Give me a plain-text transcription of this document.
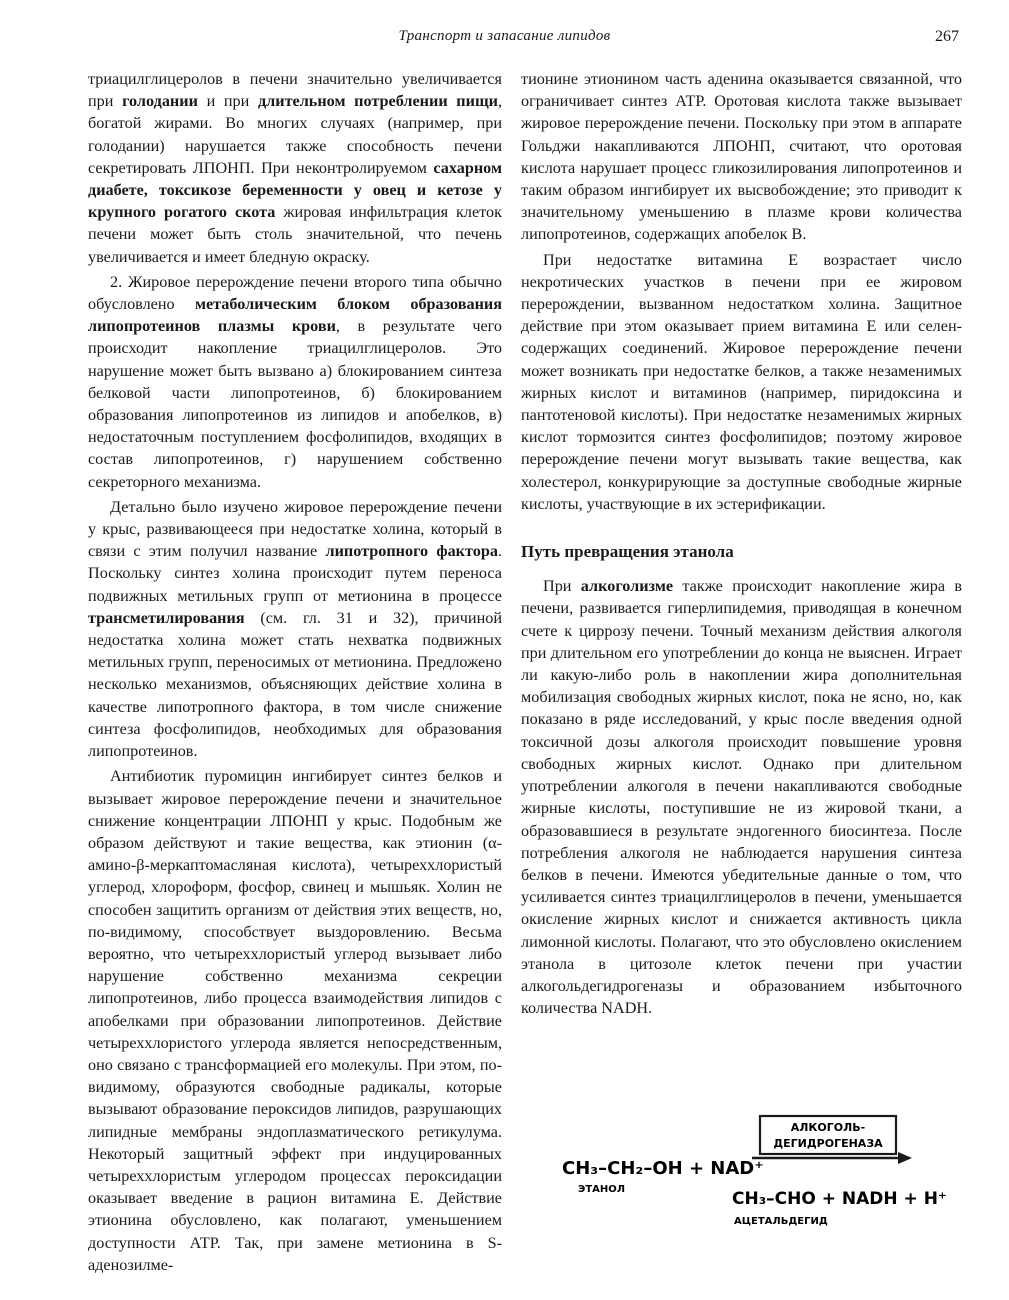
Транспорт и запасание липидов	267

триацилглицеролов в печени значительно увеличивается при голодании и при длительном потреблении пищи, богатой жирами. Во многих случаях (например, при голодании) нарушается также способность печени секретировать ЛПОНП. При неконтролируемом сахарном диабете, токсикозе беременности у овец и кетозе у крупного рогатого скота жировая инфильтрация клеток печени может быть столь значительной, что печень увеличивается и имеет бледную окраску.

2. Жировое перерождение печени второго типа обычно обусловлено метаболическим блоком образования липопротеинов плазмы крови, в результате чего происходит накопление триацилглицеролов. Это нарушение может быть вызвано а) блокированием синтеза белковой части липопротеинов, б) блокированием образования липопротеинов из липидов и апобелков, в) недостаточным поступлением фосфолипидов, входящих в состав липопротеинов, г) нарушением собственно секреторного механизма.

Детально было изучено жировое перерождение печени у крыс, развивающееся при недостатке холина, который в связи с этим получил название липотропного фактора. Поскольку синтез холина происходит путем переноса подвижных метильных групп от метионина в процессе трансметилирования (см. гл. 31 и 32), причиной недостатка холина может стать нехватка подвижных метильных групп, переносимых от метионина. Предложено несколько механизмов, объясняющих действие холина в качестве липотропного фактора, в том числе снижение синтеза фосфолипидов, необходимых для образования липопротеинов.

Антибиотик пуромицин ингибирует синтез белков и вызывает жировое перерождение печени и значительное снижение концентрации ЛПОНП у крыс. Подобным же образом действуют и такие вещества, как этионин (α-амино-β-меркаптомасляная кислота), четыреххлористый углерод, хлороформ, фосфор, свинец и мышьяк. Холин не способен защитить организм от действия этих веществ, но, по-видимому, способствует выздоровлению. Весьма вероятно, что четыреххлористый углерод вызывает либо нарушение собственно механизма секреции липопротеинов, либо процесса взаимодействия липидов с апобелками при образовании липопротеинов. Действие четыреххлористого углерода является непосредственным, оно связано с трансформацией его молекулы. При этом, по-видимому, образуются свободные радикалы, которые вызывают образование пероксидов липидов, разрушающих липидные мембраны эндоплазматического ретикулума. Некоторый защитный эффект при индуцированных четыреххлористым углеродом процессах пероксидации оказывает введение в рацион витамина Е. Действие этионина обусловлено, как полагают, уменьшением доступности АТР. Так, при замене метионина в S-аденозилме-

тионине этионином часть аденина оказывается связанной, что ограничивает синтез АТР. Оротовая кислота также вызывает жировое перерождение печени. Поскольку при этом в аппарате Гольджи накапливаются ЛПОНП, считают, что оротовая кислота нарушает процесс гликозилирования липопротеинов и таким образом ингибирует их высвобождение; это приводит к значительному уменьшению в плазме крови количества липопротеинов, содержащих апобелок В.

При недостатке витамина Е возрастает число некротических участков в печени при ее жировом перерождении, вызванном недостатком холина. Защитное действие при этом оказывает прием витамина Е или селен-содержащих соединений. Жировое перерождение печени может возникать при недостатке белков, а также незаменимых жирных кислот и витаминов (например, пиридоксина и пантотеновой кислоты). При недостатке незаменимых жирных кислот тормозится синтез фосфолипидов; поэтому жировое перерождение печени могут вызывать такие вещества, как холестерол, конкурирующие за доступные свободные жирные кислоты, участвующие в их эстерификации.

Путь превращения этанола

При алкоголизме также происходит накопление жира в печени, развивается гиперлипидемия, приводящая в конечном счете к циррозу печени. Точный механизм действия алкоголя при длительном его употреблении до конца не выяснен. Играет ли какую-либо роль в накоплении жира дополнительная мобилизация свободных жирных кислот, пока не ясно, но, как показано в ряде исследований, у крыс после введения одной токсичной дозы алкоголя происходит повышение уровня свободных жирных кислот. Однако при длительном употреблении алкоголя в печени накапливаются свободные жирные кислоты, поступившие не из жировой ткани, а образовавшиеся в результате эндогенного биосинтеза. После потребления алкоголя не наблюдается нарушения синтеза белков в печени. Имеются убедительные данные о том, что усиливается синтез триацилглицеролов в печени, уменьшается окисление жирных кислот и снижается активность цикла лимонной кислоты. Полагают, что это обусловлено окислением этанола в цитозоле клеток печени при участии алкогольдегидрогеназы и образованием избыточного количества NADH.

АЛКОГОЛЬ-
ДЕГИДРОГЕНАЗА
CH₃–CH₂–OH + NAD⁺
ЭТАНОЛ	CH₃–CHO + NADH + H⁺
АЦЕТАЛЬДЕГИД
